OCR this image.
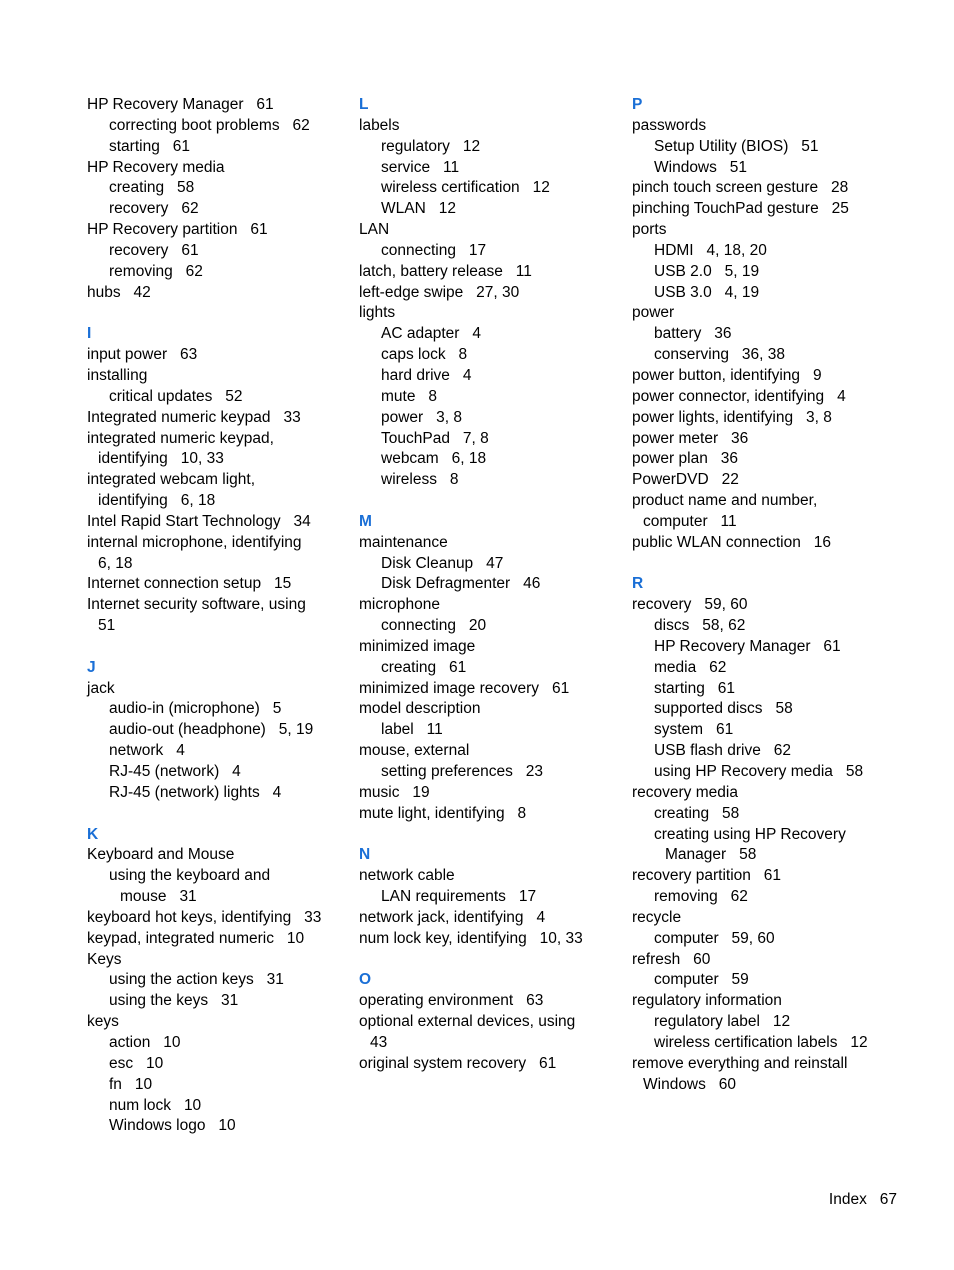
HP Recovery Manager   61
correcting boot problems   62
starting   61
HP Recovery media
creating   58
recovery   62
HP Recovery partition   61
recovery   61
removing   62
hubs   42
I
input power   63
installing
critical updates   52
Integrated numeric keypad   33
integrated numeric keypad,
identifying   10, 33
integrated webcam light,
identifying   6, 18
Intel Rapid Start Technology   34
internal microphone, identifying
6, 18
Internet connection setup   15
Internet security software, using
51
J
jack
audio-in (microphone)   5
audio-out (headphone)   5, 19
network   4
RJ-45 (network)   4
RJ-45 (network) lights   4
K
Keyboard and Mouse
using the keyboard and
mouse   31
keyboard hot keys, identifying   33
keypad, integrated numeric   10
Keys
using the action keys   31
using the keys   31
keys
action   10
esc   10
fn   10
num lock   10
Windows logo   10
L
labels
regulatory   12
service   11
wireless certification   12
WLAN   12
LAN
connecting   17
latch, battery release   11
left-edge swipe   27, 30
lights
AC adapter   4
caps lock   8
hard drive   4
mute   8
power   3, 8
TouchPad   7, 8
webcam   6, 18
wireless   8
M
maintenance
Disk Cleanup   47
Disk Defragmenter   46
microphone
connecting   20
minimized image
creating   61
minimized image recovery   61
model description
label   11
mouse, external
setting preferences   23
music   19
mute light, identifying   8
N
network cable
LAN requirements   17
network jack, identifying   4
num lock key, identifying   10, 33
O
operating environment   63
optional external devices, using
43
original system recovery   61
P
passwords
Setup Utility (BIOS)   51
Windows   51
pinch touch screen gesture   28
pinching TouchPad gesture   25
ports
HDMI   4, 18, 20
USB 2.0   5, 19
USB 3.0   4, 19
power
battery   36
conserving   36, 38
power button, identifying   9
power connector, identifying   4
power lights, identifying   3, 8
power meter   36
power plan   36
PowerDVD   22
product name and number,
computer   11
public WLAN connection   16
R
recovery   59, 60
discs   58, 62
HP Recovery Manager   61
media   62
starting   61
supported discs   58
system   61
USB flash drive   62
using HP Recovery media   58
recovery media
creating   58
creating using HP Recovery
Manager   58
recovery partition   61
removing   62
recycle
computer   59, 60
refresh   60
computer   59
regulatory information
regulatory label   12
wireless certification labels   12
remove everything and reinstall
Windows   60
Index 67
